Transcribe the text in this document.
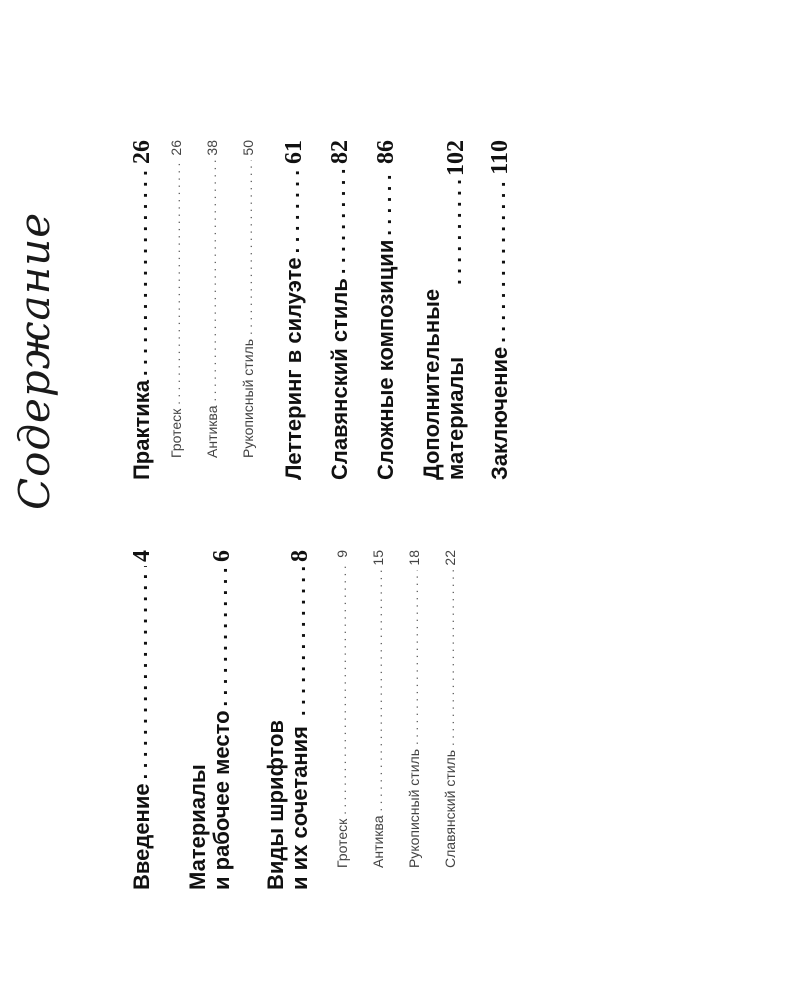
Содержание
Введение
. . .
4
Материалы
и рабочее место
. . .
6
Виды шрифтов
и их сочетания
. . .
8
Гротеск
. . .
9
Антиква
. . .
15
Рукописный стиль
. . .
18
Славянский стиль
. . .
22
Практика
. . .
26
Гротеск
. . .
26
Антиква
. . .
38
Рукописный стиль
. . .
50
Леттеринг в силуэте
. . .
61
Славянский стиль
. . .
82
Сложные композиции
. . .
86
Дополнительные
материалы
. . .
102
Заключение
. . .
110
